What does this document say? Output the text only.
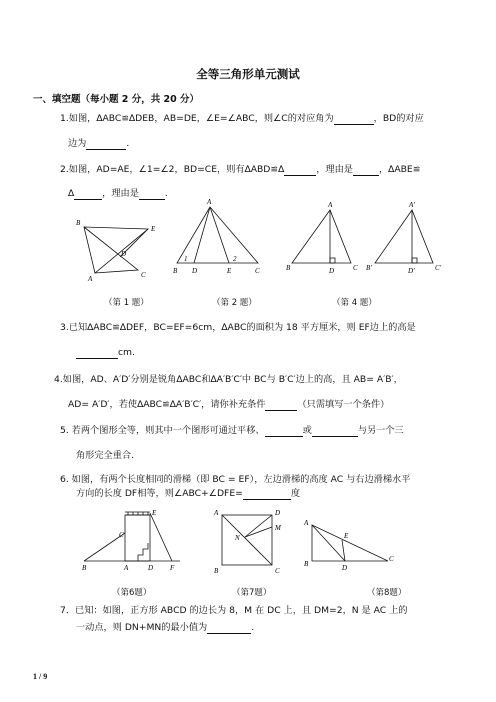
全等三角形单元测试
一、填空题（每小题 2 分，共 20 分）
1.如图，∆ABC≌∆DEB，AB=DE，∠E=∠ABC，则∠C的对应角为	，BD的对应
边为	.
2.如图，AD=AE，∠1=∠2，BD=CE，则有∆ABD≌∆	，理由是	，∆ABE≌
∆	，理由是	.
B
E
D
A	C
A
1	2
B D	E	C
A
B	D	C
A′
B′	D′	C′
（第 1 题）	（第 2 题）	（第 4 题）
3.已知∆ABC≌∆DEF，BC=EF=6cm，∆ABC的面积为 18 平方厘米，则 EF边上的高是
cm.
4.如图，AD、A′D′分别是锐角∆ABC和∆A′B′C′中 BC与 B′C′边上的高，且 AB= A′B′，
AD= A′D′，若使∆ABC≌∆A′B′C′，请你补充条件	（只需填写一个条件）
5. 若两个图形全等，则其中一个图形可通过平移、	或	与另一个三
角形完全重合.
6. 如图，有两个长度相同的滑梯（即 BC = EF），左边滑梯的高度 AC 与右边滑梯水平
方向的长度 DF相等，则∠ABC+∠DFE=	度
E
C
B	A	D F
A	D
M
N
B	C
A
E
B	D
C
（第6题）	（第7题）	（第8题）
7．已知：如图，正方形 ABCD 的边长为 8，M 在 DC 上，且 DM=2，N 是 AC 上的
一动点，则 DN+MN的最小值为	.
1 / 9
